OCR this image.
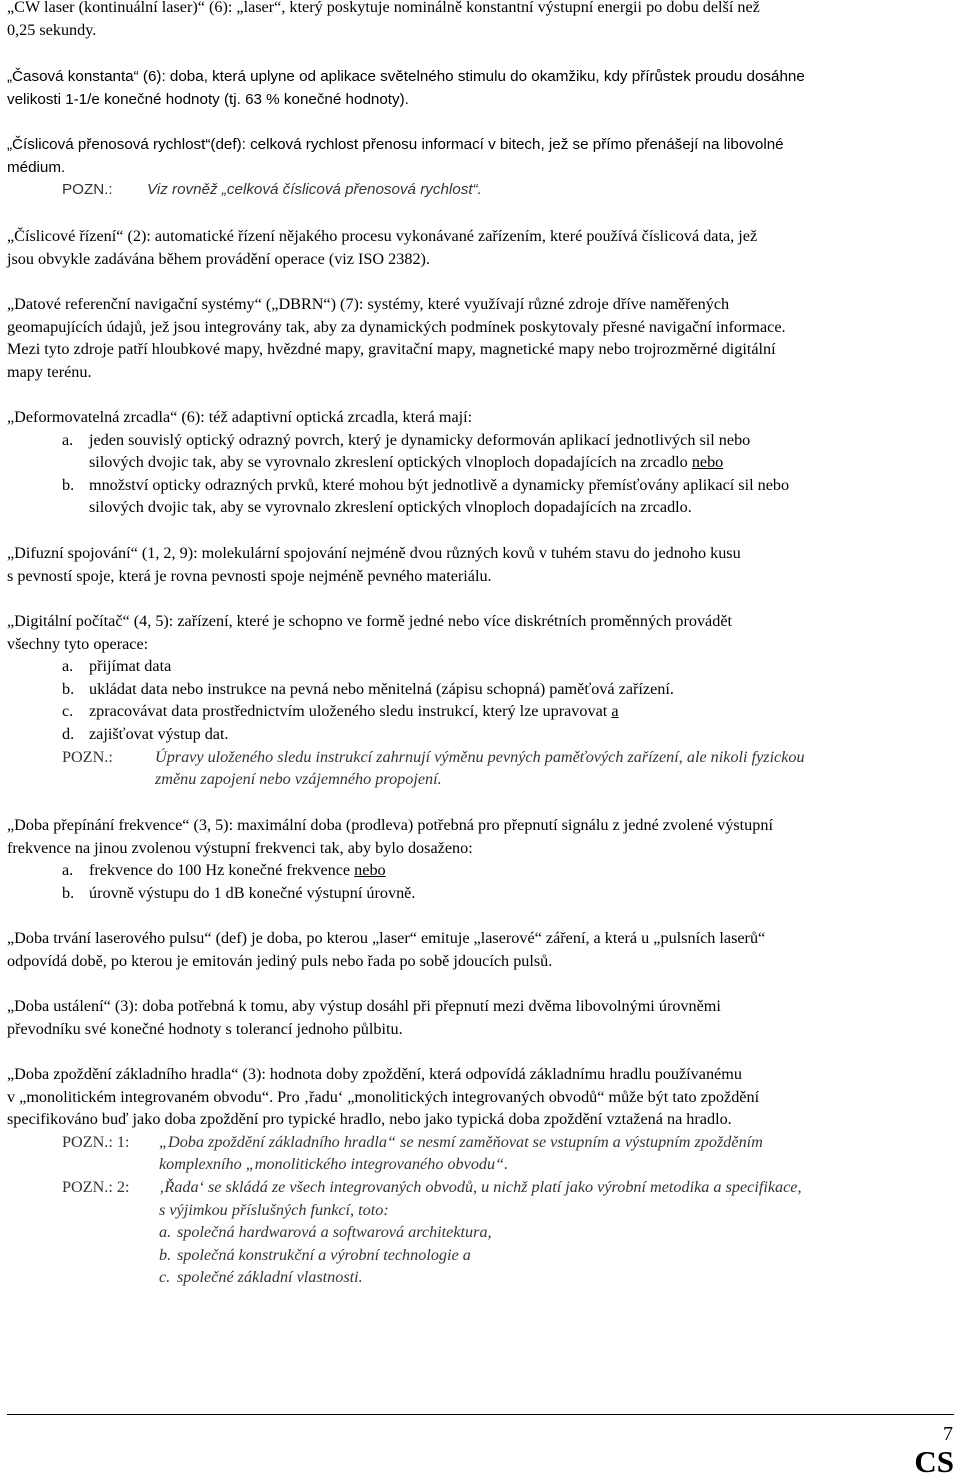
„CW laser (kontinuální laser)“ (6): „laser“, který poskytuje nominálně konstantní výstupní energii po dobu delší než

0,25 sekundy.

„Časová konstanta“ (6): doba, která uplyne od aplikace světelného stimulu do okamžiku, kdy přírůstek proudu dosáhne

velikosti 1-1/e konečné hodnoty (tj. 63 % konečné hodnoty).

„Číslicová přenosová rychlost“(def): celková rychlost přenosu informací v bitech, jež se přímo přenášejí na libovolné

médium.

POZN.: Viz rovněž „celková číslicová přenosová rychlost“.

„Číslicové řízení“ (2): automatické řízení nějakého procesu vykonávané zařízením, které používá číslicová data, jež

jsou obvykle zadávána během provádění operace (viz ISO 2382).

„Datové referenční navigační systémy“ („DBRN“) (7): systémy, které využívají různé zdroje dříve naměřených

geomapujících údajů, jež jsou integrovány tak, aby za dynamických podmínek poskytovaly přesné navigační informace.

Mezi tyto zdroje patří hloubkové mapy, hvězdné mapy, gravitační mapy, magnetické mapy nebo trojrozměrné digitální

mapy terénu.

„Deformovatelná zrcadla“ (6): též adaptivní optická zrcadla, která mají:

a. jeden souvislý optický odrazný povrch, který je dynamicky deformován aplikací jednotlivých sil nebo

silových dvojic tak, aby se vyrovnalo zkreslení optických vlnoploch dopadajících na zrcadlo nebo

b. množství opticky odrazných prvků, které mohou být jednotlivě a dynamicky přemísťovány aplikací sil nebo

silových dvojic tak, aby se vyrovnalo zkreslení optických vlnoploch dopadajících na zrcadlo.

„Difuzní spojování“ (1, 2, 9): molekulární spojování nejméně dvou různých kovů v tuhém stavu do jednoho kusu

s pevností spoje, která je rovna pevnosti spoje nejméně pevného materiálu.

„Digitální počítač“ (4, 5): zařízení, které je schopno ve formě jedné nebo více diskrétních proměnných provádět

všechny tyto operace:

a. přijímat data

b. ukládat data nebo instrukce na pevná nebo měnitelná (zápisu schopná) paměťová zařízení.

c. zpracovávat data prostřednictvím uloženého sledu instrukcí, který lze upravovat a

d. zajišťovat výstup dat.

POZN.:	Úpravy uloženého sledu instrukcí zahrnují výměnu pevných paměťových zařízení, ale nikoli fyzickou

změnu zapojení nebo vzájemného propojení.

„Doba přepínání frekvence“ (3, 5): maximální doba (prodleva) potřebná pro přepnutí signálu z jedné zvolené výstupní

frekvence na jinou zvolenou výstupní frekvenci tak, aby bylo dosaženo:

a. frekvence do 100 Hz konečné frekvence nebo

b. úrovně výstupu do 1 dB konečné výstupní úrovně.

„Doba trvání laserového pulsu“ (def) je doba, po kterou „laser“ emituje „laserové“ záření, a která u „pulsních laserů“

odpovídá době, po kterou je emitován jediný puls nebo řada po sobě jdoucích pulsů.

„Doba ustálení“ (3): doba potřebná k tomu, aby výstup dosáhl při přepnutí mezi dvěma libovolnými úrovněmi

převodníku své konečné hodnoty s tolerancí jednoho půlbitu.

„Doba zpoždění základního hradla“ (3): hodnota doby zpoždění, která odpovídá základnímu hradlu používanému

v „monolitickém integrovaném obvodu“. Pro ‚řadu‘ „monolitických integrovaných obvodů“ může být tato zpoždění

specifikováno buď jako doba zpoždění pro typické hradlo, nebo jako typická doba zpoždění vztažená na hradlo.

POZN.: 1: „Doba zpoždění základního hradla“ se nesmí zaměňovat se vstupním a výstupním zpožděním

komplexního „monolitického integrovaného obvodu“.

POZN.: 2: ‚Řada‘ se skládá ze všech integrovaných obvodů, u nichž platí jako výrobní metodika a specifikace,

s výjimkou příslušných funkcí, toto:

a. společná hardwarová a softwarová architektura,

b. společná konstrukční a výrobní technologie a

c. společné základní vlastnosti.

7
CS
